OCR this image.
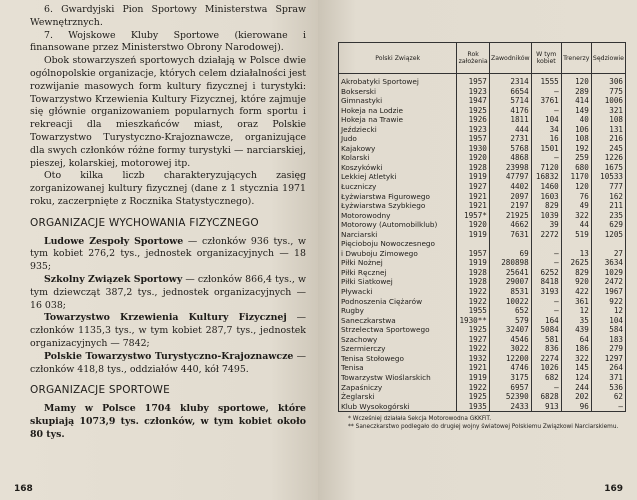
6. Gwardyjski Pion Sportowy Ministerstwa Spraw Wewnętrznych.

7. Wojskowe Kluby Sportowe (kierowane i finansowane przez Ministerstwo Obrony Narodowej).

Obok stowarzyszeń sportowych działają w Polsce dwie ogólnopolskie organizacje, których celem działalności jest rozwijanie masowych form kultury fizycznej i turystyki: Towarzystwo Krzewienia Kultury Fizycznej, które zajmuje się głównie organizowaniem popularnych form sportu i rekreacji dla mieszkańców miast, oraz Polskie Towarzystwo Turystyczno-Krajoznawcze, organizujące dla swych członków różne formy turystyki — narciarskiej, pieszej, kolarskiej, motorowej itp.

Oto kilka liczb charakteryzujących zasięg zorganizowanej kultury fizycznej (dane z 1 stycznia 1971 roku, zaczerpnięte z Rocznika Statystycznego).

ORGANIZACJE WYCHOWANIA FIZYCZNEGO

Ludowe Zespoły Sportowe — członków 936 tys., w tym kobiet 276,2 tys., jednostek organizacyjnych — 18 935;

Szkolny Związek Sportowy — członków 866,4 tys., w tym dziewcząt 387,2 tys., jednostek organizacyjnych — 16 038;

Towarzystwo Krzewienia Kultury Fizycznej — członków 1135,3 tys., w tym kobiet 287,7 tys., jednostek organizacyjnych — 7842;

Polskie Towarzystwo Turystyczno-Krajoznawcze — członków 418,8 tys., oddziałów 440, kół 7495.

ORGANIZACJE SPORTOWE

Mamy w Polsce 1704 kluby sportowe, które skupiają 1073,9 tys. członków, w tym kobiet około 80 tys.

168
Polski Związek	Rok założenia	Zawodników	W tym kobiet	Trenerzy	Sędziowie
Akrobatyki Sportowej	1957	2314	1555	120	306
Bokserski	1923	6654	—	289	775
Gimnastyki	1947	5714	3761	414	1006
Hokeja na Lodzie	1925	4176	—	149	321
Hokeja na Trawie	1926	1811	104	40	108
Jeździecki	1923	444	34	106	131
Judo	1957	2731	16	108	216
Kajakowy	1930	5768	1501	192	245
Kolarski	1920	4868	—	259	1226
Koszykówki	1928	23998	7120	680	1675
Lekkiej Atletyki	1919	47797	16832	1170	10533
Łuczniczy	1927	4402	1460	120	777
Łyżwiarstwa Figurowego	1921	2097	1603	76	162
Łyżwiarstwa Szybkiego	1921	2197	829	49	211
Motorowodny	1957*	21925	1039	322	235
Motorowy (Automobilklub)	1920	4662	39	44	629
Narciarski	1919	7631	2272	519	1205
Pięcioboju Nowoczesnego					
i Dwuboju Zimowego	1957	69	—	13	27
Piłki Nożnej	1919	280898	—	2625	3634
Piłki Ręcznej	1928	25641	6252	829	1029
Piłki Siatkowej	1928	29007	8418	920	2472
Pływacki	1922	8531	3193	422	1967
Podnoszenia Ciężarów	1922	10022	—	361	922
Rugby	1955	652	—	12	12
Saneczkarstwa	1930**	579	164	35	104
Strzelectwa Sportowego	1925	32407	5084	439	584
Szachowy	1927	4546	581	64	183
Szermierczy	1922	3022	836	186	279
Tenisa Stołowego	1932	12200	2274	322	1297
Tenisa	1921	4746	1026	145	264
Towarzystw Wioślarskich	1919	3175	682	124	371
Zapaśniczy	1922	6957	—	244	536
Żeglarski	1925	52390	6828	202	62
Klub Wysokogórski	1935	2433	913	96	—
* Wcześniej działała Sekcja Motorowodna GKKFiT.
** Saneczkarstwo podlegało do drugiej wojny światowej Polskiemu Związkowi Narciarskiemu.
169
